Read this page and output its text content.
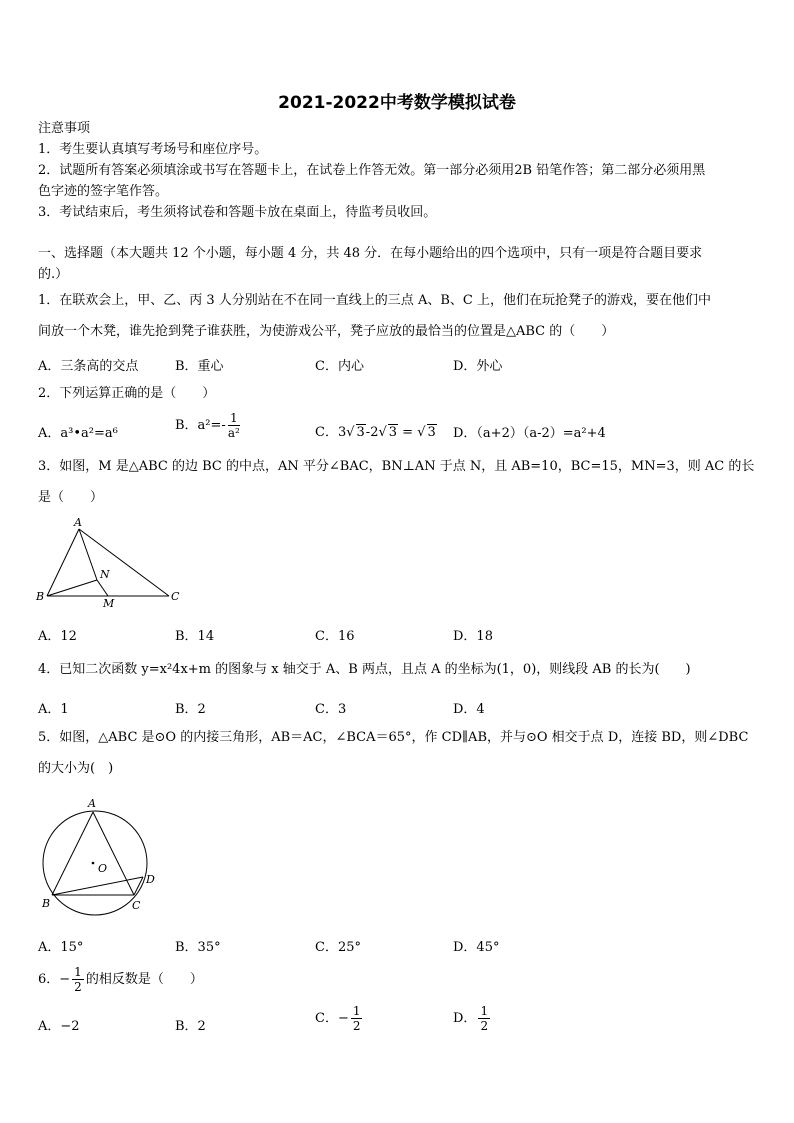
2021-2022中考数学模拟试卷
注意事项
1．考生要认真填写考场号和座位序号。
2．试题所有答案必须填涂或书写在答题卡上，在试卷上作答无效。第一部分必须用2B 铅笔作答；第二部分必须用黑
色字迹的签字笔作答。
3．考试结束后，考生须将试卷和答题卡放在桌面上，待监考员收回。
一、选择题（本大题共 12 个小题，每小题 4 分，共 48 分．在每小题给出的四个选项中，只有一项是符合题目要求
的.）
1．在联欢会上，甲、乙、丙 3 人分别站在不在同一直线上的三点 A、B、C 上，他们在玩抢凳子的游戏，要在他们中
间放一个木凳，谁先抢到凳子谁获胜，为使游戏公平，凳子应放的最恰当的位置是△ABC 的（　　）
A．三条高的交点	B．重心	C．内心	D．外心
2．下列运算正确的是（　　）
A．a³•a²=a⁶
B．$a^2=- \frac{1}{\text{a²}}$	C．3√ 3-2√ 3 = √ 3 D．（a+2）（a-2）=a²+4
3．如图，M 是△ABC 的边 BC 的中点，AN 平分∠BAC，BN⊥AN 于点 N，且 AB=10，BC=15，MN=3，则 AC 的长
是（　　）
A
N
B
M
C
A．12	B．14	C．16	D．18
4．已知二次函数 y=x²4x+m 的图象与 x 轴交于 A、B 两点，且点 A 的坐标为(1，0)，则线段 AB 的长为(　　)
A．1	B．2	C．3	D．4
5．如图，△ABC 是⊙O 的内接三角形，AB＝AC，∠BCA＝65°，作 CD∥AB，并与⊙O 相交于点 D，连接 BD，则∠DBC
的大小为(　)
A
O
D
B	C
A．15°	B．35°	C．25°	D．45°
6．− $\frac{1}{2}$ 的相反数是（　　）
A．−2	B．2
C．− $\frac{1}{2}$	D． $\frac{1}{2}$
